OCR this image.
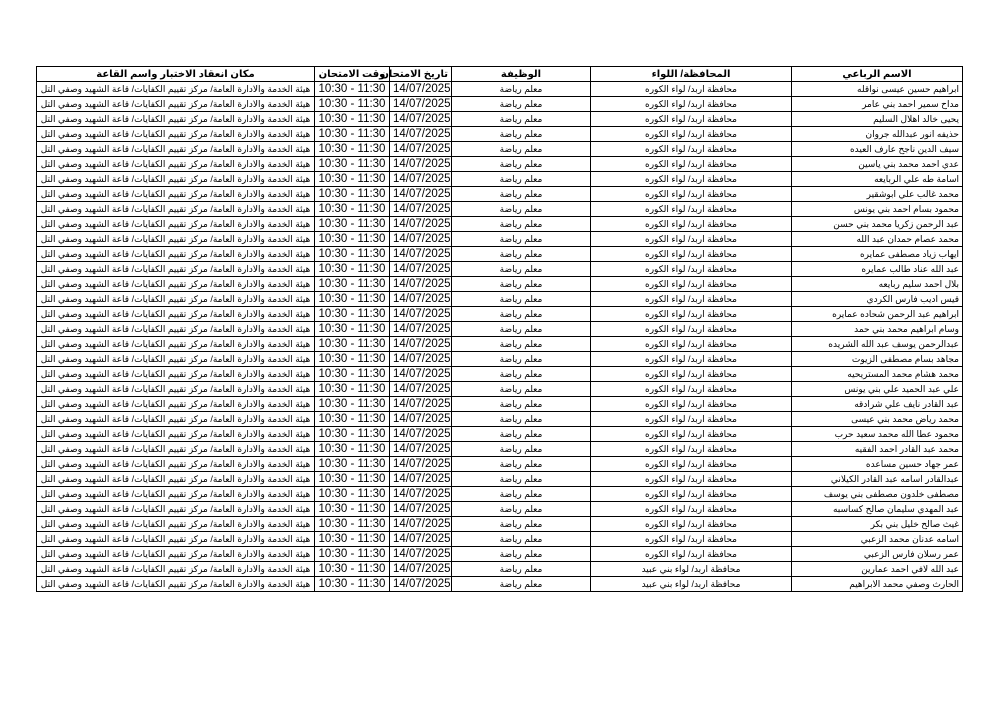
الاسم الرباعي	المحافظة/ اللواء	الوظيفة	تاريخ الامتحان	وقت الامتحان	مكان انعقاد الاختبار واسم القاعة
ابراهيم حسين عيسى نواقله	محافظة اربد/ لواء الكوره	معلم رياضة	14/07/2025	10:30 - 11:30	هيئة الخدمة والادارة العامة/ مركز تقييم الكفايات/ قاعة الشهيد وصفي التل
مداح سمير احمد بني عامر	محافظة اربد/ لواء الكوره	معلم رياضة	14/07/2025	10:30 - 11:30	هيئة الخدمة والادارة العامة/ مركز تقييم الكفايات/ قاعة الشهيد وصفي التل
يحيى خالد اهلال السليم	محافظة اربد/ لواء الكوره	معلم رياضة	14/07/2025	10:30 - 11:30	هيئة الخدمة والادارة العامة/ مركز تقييم الكفايات/ قاعة الشهيد وصفي التل
حذيفه انور عبدالله جروان	محافظة اربد/ لواء الكوره	معلم رياضة	14/07/2025	10:30 - 11:30	هيئة الخدمة والادارة العامة/ مركز تقييم الكفايات/ قاعة الشهيد وصفي التل
سيف الدين ناجح عارف العيده	محافظة اربد/ لواء الكوره	معلم رياضة	14/07/2025	10:30 - 11:30	هيئة الخدمة والادارة العامة/ مركز تقييم الكفايات/ قاعة الشهيد وصفي التل
عدي احمد محمد بني ياسين	محافظة اربد/ لواء الكوره	معلم رياضة	14/07/2025	10:30 - 11:30	هيئة الخدمة والادارة العامة/ مركز تقييم الكفايات/ قاعة الشهيد وصفي التل
اسامة طه علي الربايعه	محافظة اربد/ لواء الكوره	معلم رياضة	14/07/2025	10:30 - 11:30	هيئة الخدمة والادارة العامة/ مركز تقييم الكفايات/ قاعة الشهيد وصفي التل
محمد غالب علي ابوشقير	محافظة اربد/ لواء الكوره	معلم رياضة	14/07/2025	10:30 - 11:30	هيئة الخدمة والادارة العامة/ مركز تقييم الكفايات/ قاعة الشهيد وصفي التل
محمود بسام احمد بني يونس	محافظة اربد/ لواء الكوره	معلم رياضة	14/07/2025	10:30 - 11:30	هيئة الخدمة والادارة العامة/ مركز تقييم الكفايات/ قاعة الشهيد وصفي التل
عبد الرحمن زكريا محمد بني حسن	محافظة اربد/ لواء الكوره	معلم رياضة	14/07/2025	10:30 - 11:30	هيئة الخدمة والادارة العامة/ مركز تقييم الكفايات/ قاعة الشهيد وصفي التل
محمد عصام حمدان عبد الله	محافظة اربد/ لواء الكوره	معلم رياضة	14/07/2025	10:30 - 11:30	هيئة الخدمة والادارة العامة/ مركز تقييم الكفايات/ قاعة الشهيد وصفي التل
ايهاب زياد مصطفى عمايره	محافظة اربد/ لواء الكوره	معلم رياضة	14/07/2025	10:30 - 11:30	هيئة الخدمة والادارة العامة/ مركز تقييم الكفايات/ قاعة الشهيد وصفي التل
عبد الله عناد طالب عمايره	محافظة اربد/ لواء الكوره	معلم رياضة	14/07/2025	10:30 - 11:30	هيئة الخدمة والادارة العامة/ مركز تقييم الكفايات/ قاعة الشهيد وصفي التل
بلال احمد سليم ربايعه	محافظة اربد/ لواء الكوره	معلم رياضة	14/07/2025	10:30 - 11:30	هيئة الخدمة والادارة العامة/ مركز تقييم الكفايات/ قاعة الشهيد وصفي التل
قيس اديب فارس الكردي	محافظة اربد/ لواء الكوره	معلم رياضة	14/07/2025	10:30 - 11:30	هيئة الخدمة والادارة العامة/ مركز تقييم الكفايات/ قاعة الشهيد وصفي التل
ابراهيم عبد الرحمن شحاده عمايره	محافظة اربد/ لواء الكوره	معلم رياضة	14/07/2025	10:30 - 11:30	هيئة الخدمة والادارة العامة/ مركز تقييم الكفايات/ قاعة الشهيد وصفي التل
وسام ابراهيم محمد بني حمد	محافظة اربد/ لواء الكوره	معلم رياضة	14/07/2025	10:30 - 11:30	هيئة الخدمة والادارة العامة/ مركز تقييم الكفايات/ قاعة الشهيد وصفي التل
عبدالرحمن يوسف عبد الله الشريده	محافظة اربد/ لواء الكوره	معلم رياضة	14/07/2025	10:30 - 11:30	هيئة الخدمة والادارة العامة/ مركز تقييم الكفايات/ قاعة الشهيد وصفي التل
مجاهد بسام مصطفى الزيوت	محافظة اربد/ لواء الكوره	معلم رياضة	14/07/2025	10:30 - 11:30	هيئة الخدمة والادارة العامة/ مركز تقييم الكفايات/ قاعة الشهيد وصفي التل
محمد هشام محمد المستريحيه	محافظة اربد/ لواء الكوره	معلم رياضة	14/07/2025	10:30 - 11:30	هيئة الخدمة والادارة العامة/ مركز تقييم الكفايات/ قاعة الشهيد وصفي التل
علي عبد الحميد علي بني يونس	محافظة اربد/ لواء الكوره	معلم رياضة	14/07/2025	10:30 - 11:30	هيئة الخدمة والادارة العامة/ مركز تقييم الكفايات/ قاعة الشهيد وصفي التل
عبد القادر نايف علي شرادقه	محافظة اربد/ لواء الكوره	معلم رياضة	14/07/2025	10:30 - 11:30	هيئة الخدمة والادارة العامة/ مركز تقييم الكفايات/ قاعة الشهيد وصفي التل
محمد رياض محمد بني عيسى	محافظة اربد/ لواء الكوره	معلم رياضة	14/07/2025	10:30 - 11:30	هيئة الخدمة والادارة العامة/ مركز تقييم الكفايات/ قاعة الشهيد وصفي التل
محمود عطا الله محمد سعيد حرب	محافظة اربد/ لواء الكوره	معلم رياضة	14/07/2025	10:30 - 11:30	هيئة الخدمة والادارة العامة/ مركز تقييم الكفايات/ قاعة الشهيد وصفي التل
محمد عبد القادر احمد الفقيه	محافظة اربد/ لواء الكوره	معلم رياضة	14/07/2025	10:30 - 11:30	هيئة الخدمة والادارة العامة/ مركز تقييم الكفايات/ قاعة الشهيد وصفي التل
عمر جهاد حسين مساعده	محافظة اربد/ لواء الكوره	معلم رياضة	14/07/2025	10:30 - 11:30	هيئة الخدمة والادارة العامة/ مركز تقييم الكفايات/ قاعة الشهيد وصفي التل
عبدالقادر اسامه عبد القادر الكيلاني	محافظة اربد/ لواء الكوره	معلم رياضة	14/07/2025	10:30 - 11:30	هيئة الخدمة والادارة العامة/ مركز تقييم الكفايات/ قاعة الشهيد وصفي التل
مصطفى خلدون مصطفى بني يوسف	محافظة اربد/ لواء الكوره	معلم رياضة	14/07/2025	10:30 - 11:30	هيئة الخدمة والادارة العامة/ مركز تقييم الكفايات/ قاعة الشهيد وصفي التل
عبد المهدي سليمان صالح كساسبه	محافظة اربد/ لواء الكوره	معلم رياضة	14/07/2025	10:30 - 11:30	هيئة الخدمة والادارة العامة/ مركز تقييم الكفايات/ قاعة الشهيد وصفي التل
غيث صالح خليل بني بكر	محافظة اربد/ لواء الكوره	معلم رياضة	14/07/2025	10:30 - 11:30	هيئة الخدمة والادارة العامة/ مركز تقييم الكفايات/ قاعة الشهيد وصفي التل
اسامه عدنان محمد الزعبي	محافظة اربد/ لواء الكوره	معلم رياضة	14/07/2025	10:30 - 11:30	هيئة الخدمة والادارة العامة/ مركز تقييم الكفايات/ قاعة الشهيد وصفي التل
عمر رسلان فارس الزعبي	محافظة اربد/ لواء الكوره	معلم رياضة	14/07/2025	10:30 - 11:30	هيئة الخدمة والادارة العامة/ مركز تقييم الكفايات/ قاعة الشهيد وصفي التل
عبد الله لافي احمد عمارين	محافظة اربد/ لواء بني عبيد	معلم رياضة	14/07/2025	10:30 - 11:30	هيئة الخدمة والادارة العامة/ مركز تقييم الكفايات/ قاعة الشهيد وصفي التل
الحارث وصفي محمد الابراهيم	محافظة اربد/ لواء بني عبيد	معلم رياضة	14/07/2025	10:30 - 11:30	هيئة الخدمة والادارة العامة/ مركز تقييم الكفايات/ قاعة الشهيد وصفي التل
